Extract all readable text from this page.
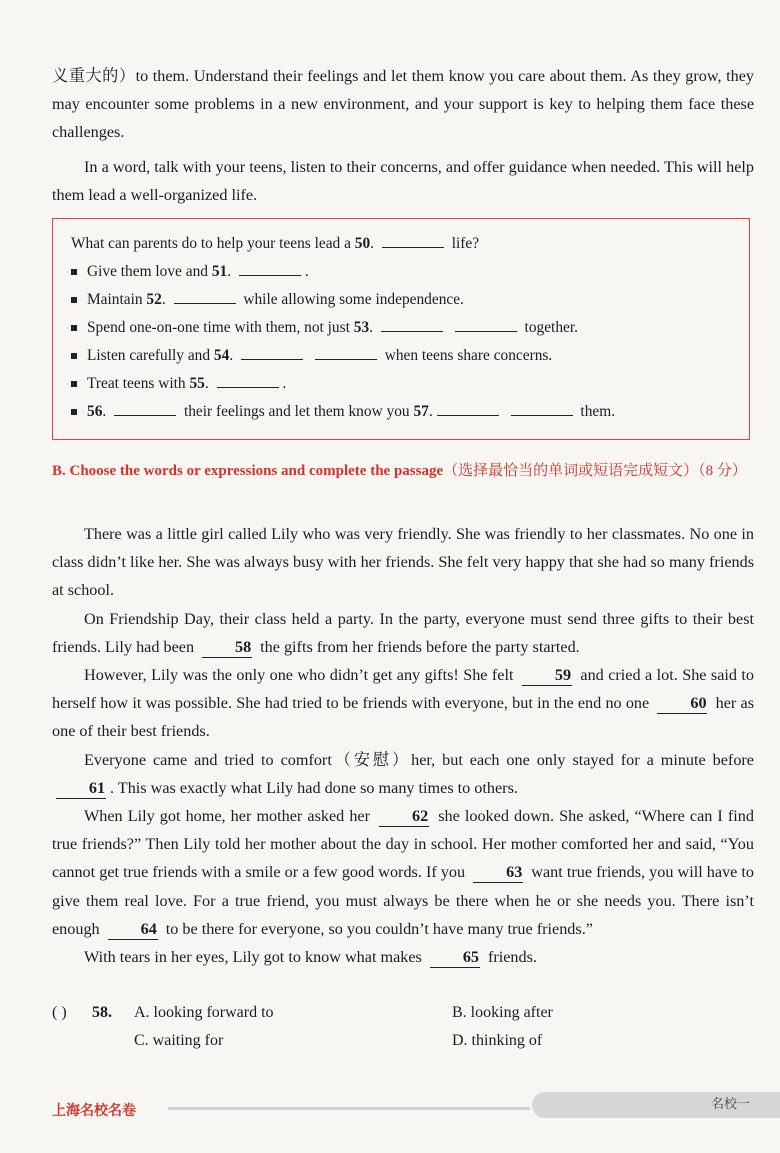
义重大的）to them. Understand their feelings and let them know you care about them. As they grow, they may encounter some problems in a new environment, and your support is key to helping them face these challenges.

In a word, talk with your teens, listen to their concerns, and offer guidance when needed. This will help them lead a well-organized life.

What can parents do to help your teens lead a 50.	life?

Give them love and 51.	.
Maintain 52.	while allowing some independence.
Spend one-on-one time with them, not just 53.	together.
Listen carefully and 54.	when teens share concerns.
Treat teens with 55.	.
56.	their feelings and let them know you 57.	them.
B. Choose the words or expressions and complete the passage（选择最恰当的单词或短语完成短文）（8 分）

There was a little girl called Lily who was very friendly. She was friendly to her classmates. No one in class didn’t like her. She was always busy with her friends. She felt very happy that she had so many friends at school.

On Friendship Day, their class held a party. In the party, everyone must send three gifts to their best friends. Lily had been	58 the gifts from her friends before the party started.

However, Lily was the only one who didn’t get any gifts! She felt	59 and cried a lot. She said to herself how it was possible. She had tried to be friends with everyone, but in the end no one	60 her as one of their best friends.

Everyone came and tried to comfort（安慰）her, but each one only stayed for a minute before 61 . This was exactly what Lily had done so many times to others.

When Lily got home, her mother asked her	62 she looked down. She asked, “Where can I find true friends?” Then Lily told her mother about the day in school. Her mother comforted her and said, “You cannot get true friends with a smile or a few good words. If you	63 want true friends, you will have to give them real love. For a true friend, you must always be there when he or she needs you. There isn’t enough	64 to be there for everyone, so you couldn’t have many true friends.”

With tears in her eyes, Lily got to know what makes	65 friends.

( ) 58. A. looking forward to	B. looking after
C. waiting for	D. thinking of
上海名校名卷	名校一
